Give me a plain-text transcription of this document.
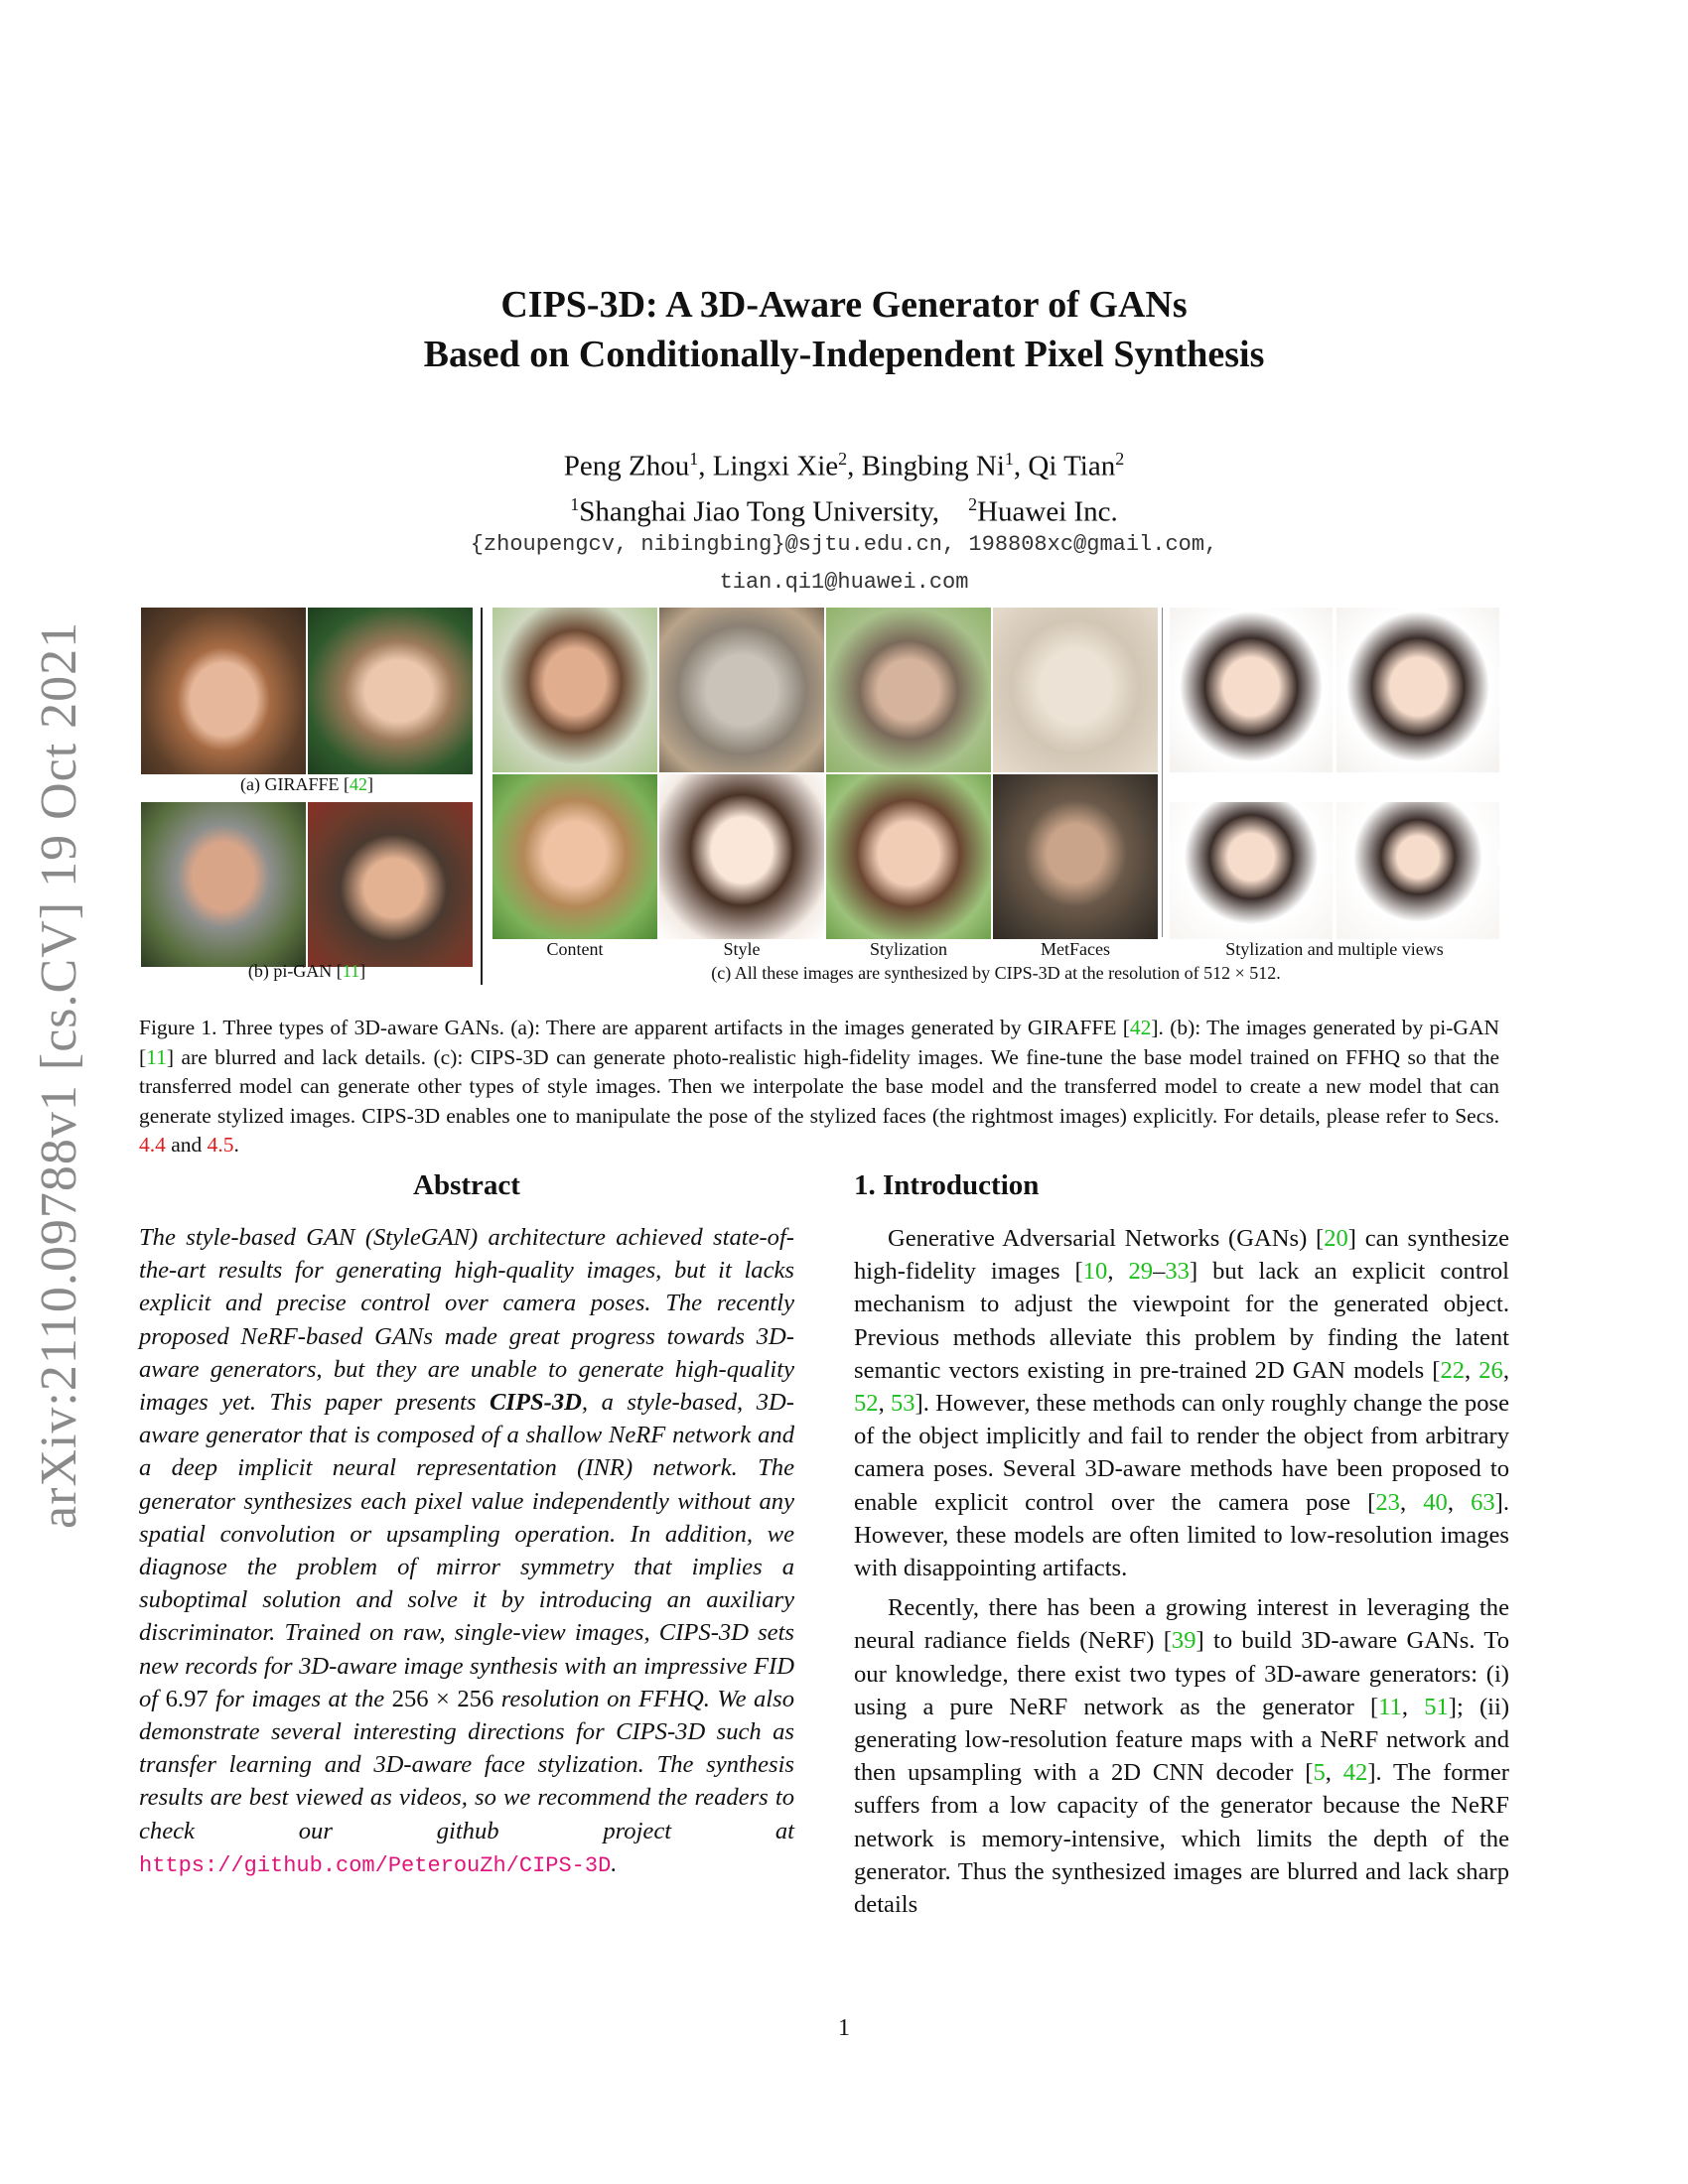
arXiv:2110.09788v1 [cs.CV] 19 Oct 2021
CIPS-3D: A 3D-Aware Generator of GANs
Based on Conditionally-Independent Pixel Synthesis
Peng Zhou$^1$, Lingxi Xie$^2$, Bingbing Ni$^1$, Qi Tian$^2$
$^1$Shanghai Jiao Tong University, $^2$Huawei Inc.
{zhoupengcv, nibingbing}@sjtu.edu.cn, 198808xc@gmail.com,
tian.qi1@huawei.com
(a) GIRAFFE [42]
(b) pi-GAN [11]
Content	Style	Stylization	MetFaces	Stylization and multiple views
(c) All these images are synthesized by CIPS-3D at the resolution of 512 × 512.
Figure 1. Three types of 3D-aware GANs. (a): There are apparent artifacts in the images generated by GIRAFFE [42]. (b): The images generated by pi-GAN [11] are blurred and lack details. (c): CIPS-3D can generate photo-realistic high-fidelity images. We fine-tune the base model trained on FFHQ so that the transferred model can generate other types of style images. Then we interpolate the base model and the transferred model to create a new model that can generate stylized images. CIPS-3D enables one to manipulate the pose of the stylized faces (the rightmost images) explicitly. For details, please refer to Secs. 4.4 and 4.5.
Abstract
The style-based GAN (StyleGAN) architecture achieved state-of-the-art results for generating high-quality images, but it lacks explicit and precise control over camera poses. The recently proposed NeRF-based GANs made great progress towards 3D-aware generators, but they are unable to generate high-quality images yet. This paper presents CIPS-3D, a style-based, 3D-aware generator that is composed of a shallow NeRF network and a deep implicit neural representation (INR) network. The generator synthesizes each pixel value independently without any spatial convolution or upsampling operation. In addition, we diagnose the problem of mirror symmetry that implies a suboptimal solution and solve it by introducing an auxiliary discriminator. Trained on raw, single-view images, CIPS-3D sets new records for 3D-aware image synthesis with an impressive FID of 6.97 for images at the 256 × 256 resolution on FFHQ. We also demonstrate several interesting directions for CIPS-3D such as transfer learning and 3D-aware face stylization. The synthesis results are best viewed as videos, so we recommend the readers to check our github project at https://github.com/PeterouZh/CIPS-3D.
1. Introduction

Generative Adversarial Networks (GANs) [20] can synthesize high-fidelity images [10, 29–33] but lack an explicit control mechanism to adjust the viewpoint for the generated object. Previous methods alleviate this problem by finding the latent semantic vectors existing in pre-trained 2D GAN models [22, 26, 52, 53]. However, these methods can only roughly change the pose of the object implicitly and fail to render the object from arbitrary camera poses. Several 3D-aware methods have been proposed to enable explicit control over the camera pose [23, 40, 63]. However, these models are often limited to low-resolution images with disappointing artifacts.

Recently, there has been a growing interest in leveraging the neural radiance fields (NeRF) [39] to build 3D-aware GANs. To our knowledge, there exist two types of 3D-aware generators: (i) using a pure NeRF network as the generator [11, 51]; (ii) generating low-resolution feature maps with a NeRF network and then upsampling with a 2D CNN decoder [5, 42]. The former suffers from a low capacity of the generator because the NeRF network is memory-intensive, which limits the depth of the generator. Thus the synthesized images are blurred and lack sharp details

1
